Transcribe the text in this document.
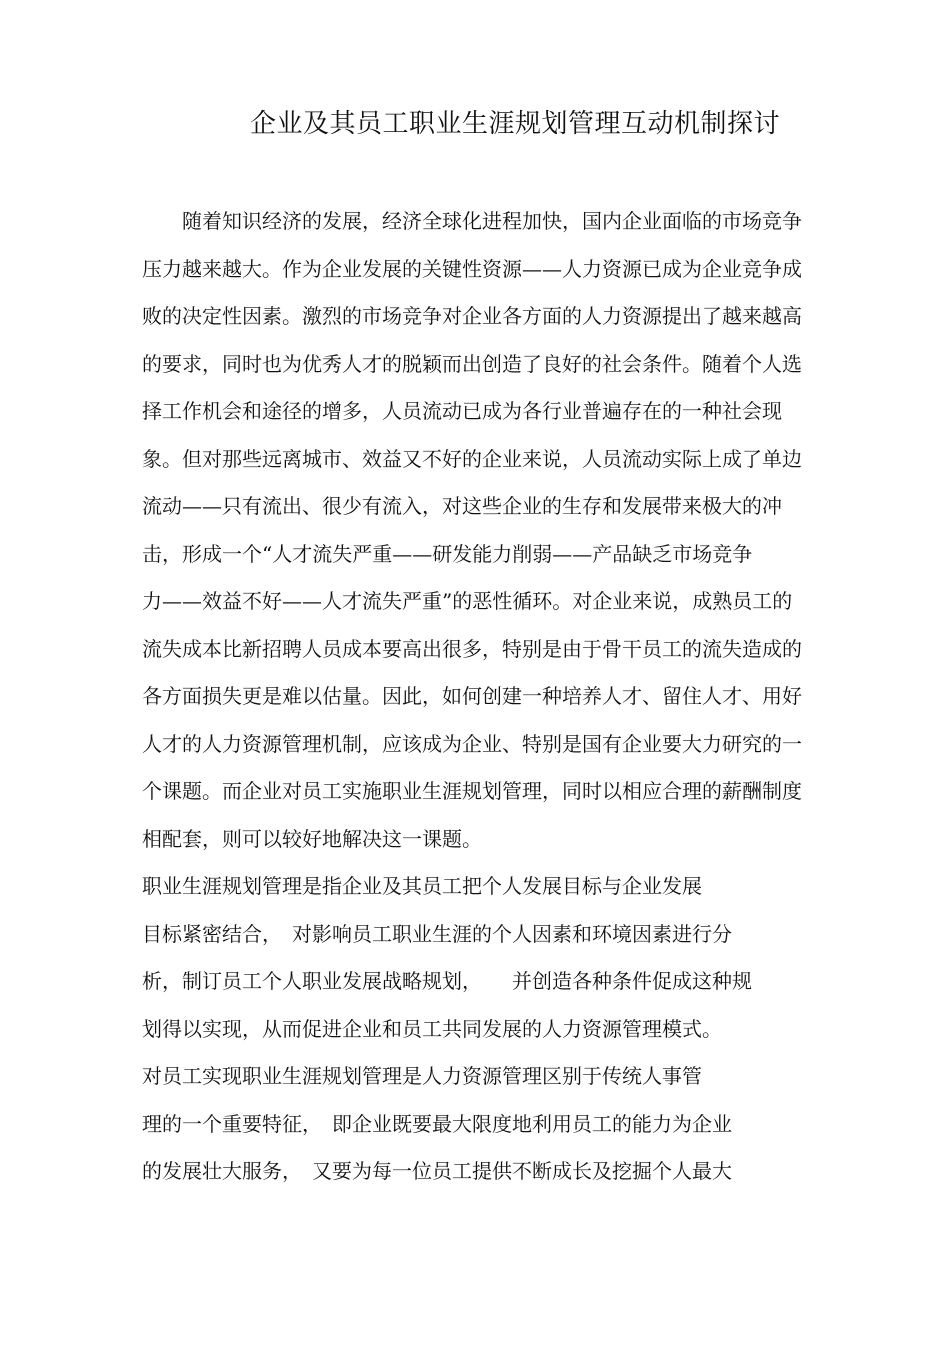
企业及其员工职业生涯规划管理互动机制探讨

　　随着知识经济的发展，经济全球化进程加快，国内企业面临的市场竞争

压力越来越大。作为企业发展的关键性资源——人力资源已成为企业竞争成

败的决定性因素。激烈的市场竞争对企业各方面的人力资源提出了越来越高

的要求，同时也为优秀人才的脱颖而出创造了良好的社会条件。随着个人选

择工作机会和途径的增多，人员流动已成为各行业普遍存在的一种社会现

象。但对那些远离城市、效益又不好的企业来说，人员流动实际上成了单边

流动——只有流出、很少有流入，对这些企业的生存和发展带来极大的冲

击，形成一个“人才流失严重——研发能力削弱——产品缺乏市场竞争

力——效益不好——人才流失严重”的恶性循环。对企业来说，成熟员工的

流失成本比新招聘人员成本要高出很多，特别是由于骨干员工的流失造成的

各方面损失更是难以估量。因此，如何创建一种培养人才、留住人才、用好

人才的人力资源管理机制，应该成为企业、特别是国有企业要大力研究的一

个课题。而企业对员工实施职业生涯规划管理，同时以相应合理的薪酬制度

相配套，则可以较好地解决这一课题。

职业生涯规划管理是指企业及其员工把个人发展目标与企业发展

目标紧密结合，　对影响员工职业生涯的个人因素和环境因素进行分

析，制订员工个人职业发展战略规划，　　并创造各种条件促成这种规

划得以实现，从而促进企业和员工共同发展的人力资源管理模式。

对员工实现职业生涯规划管理是人力资源管理区别于传统人事管

理的一个重要特征，　即企业既要最大限度地利用员工的能力为企业

的发展壮大服务，　又要为每一位员工提供不断成长及挖掘个人最大
